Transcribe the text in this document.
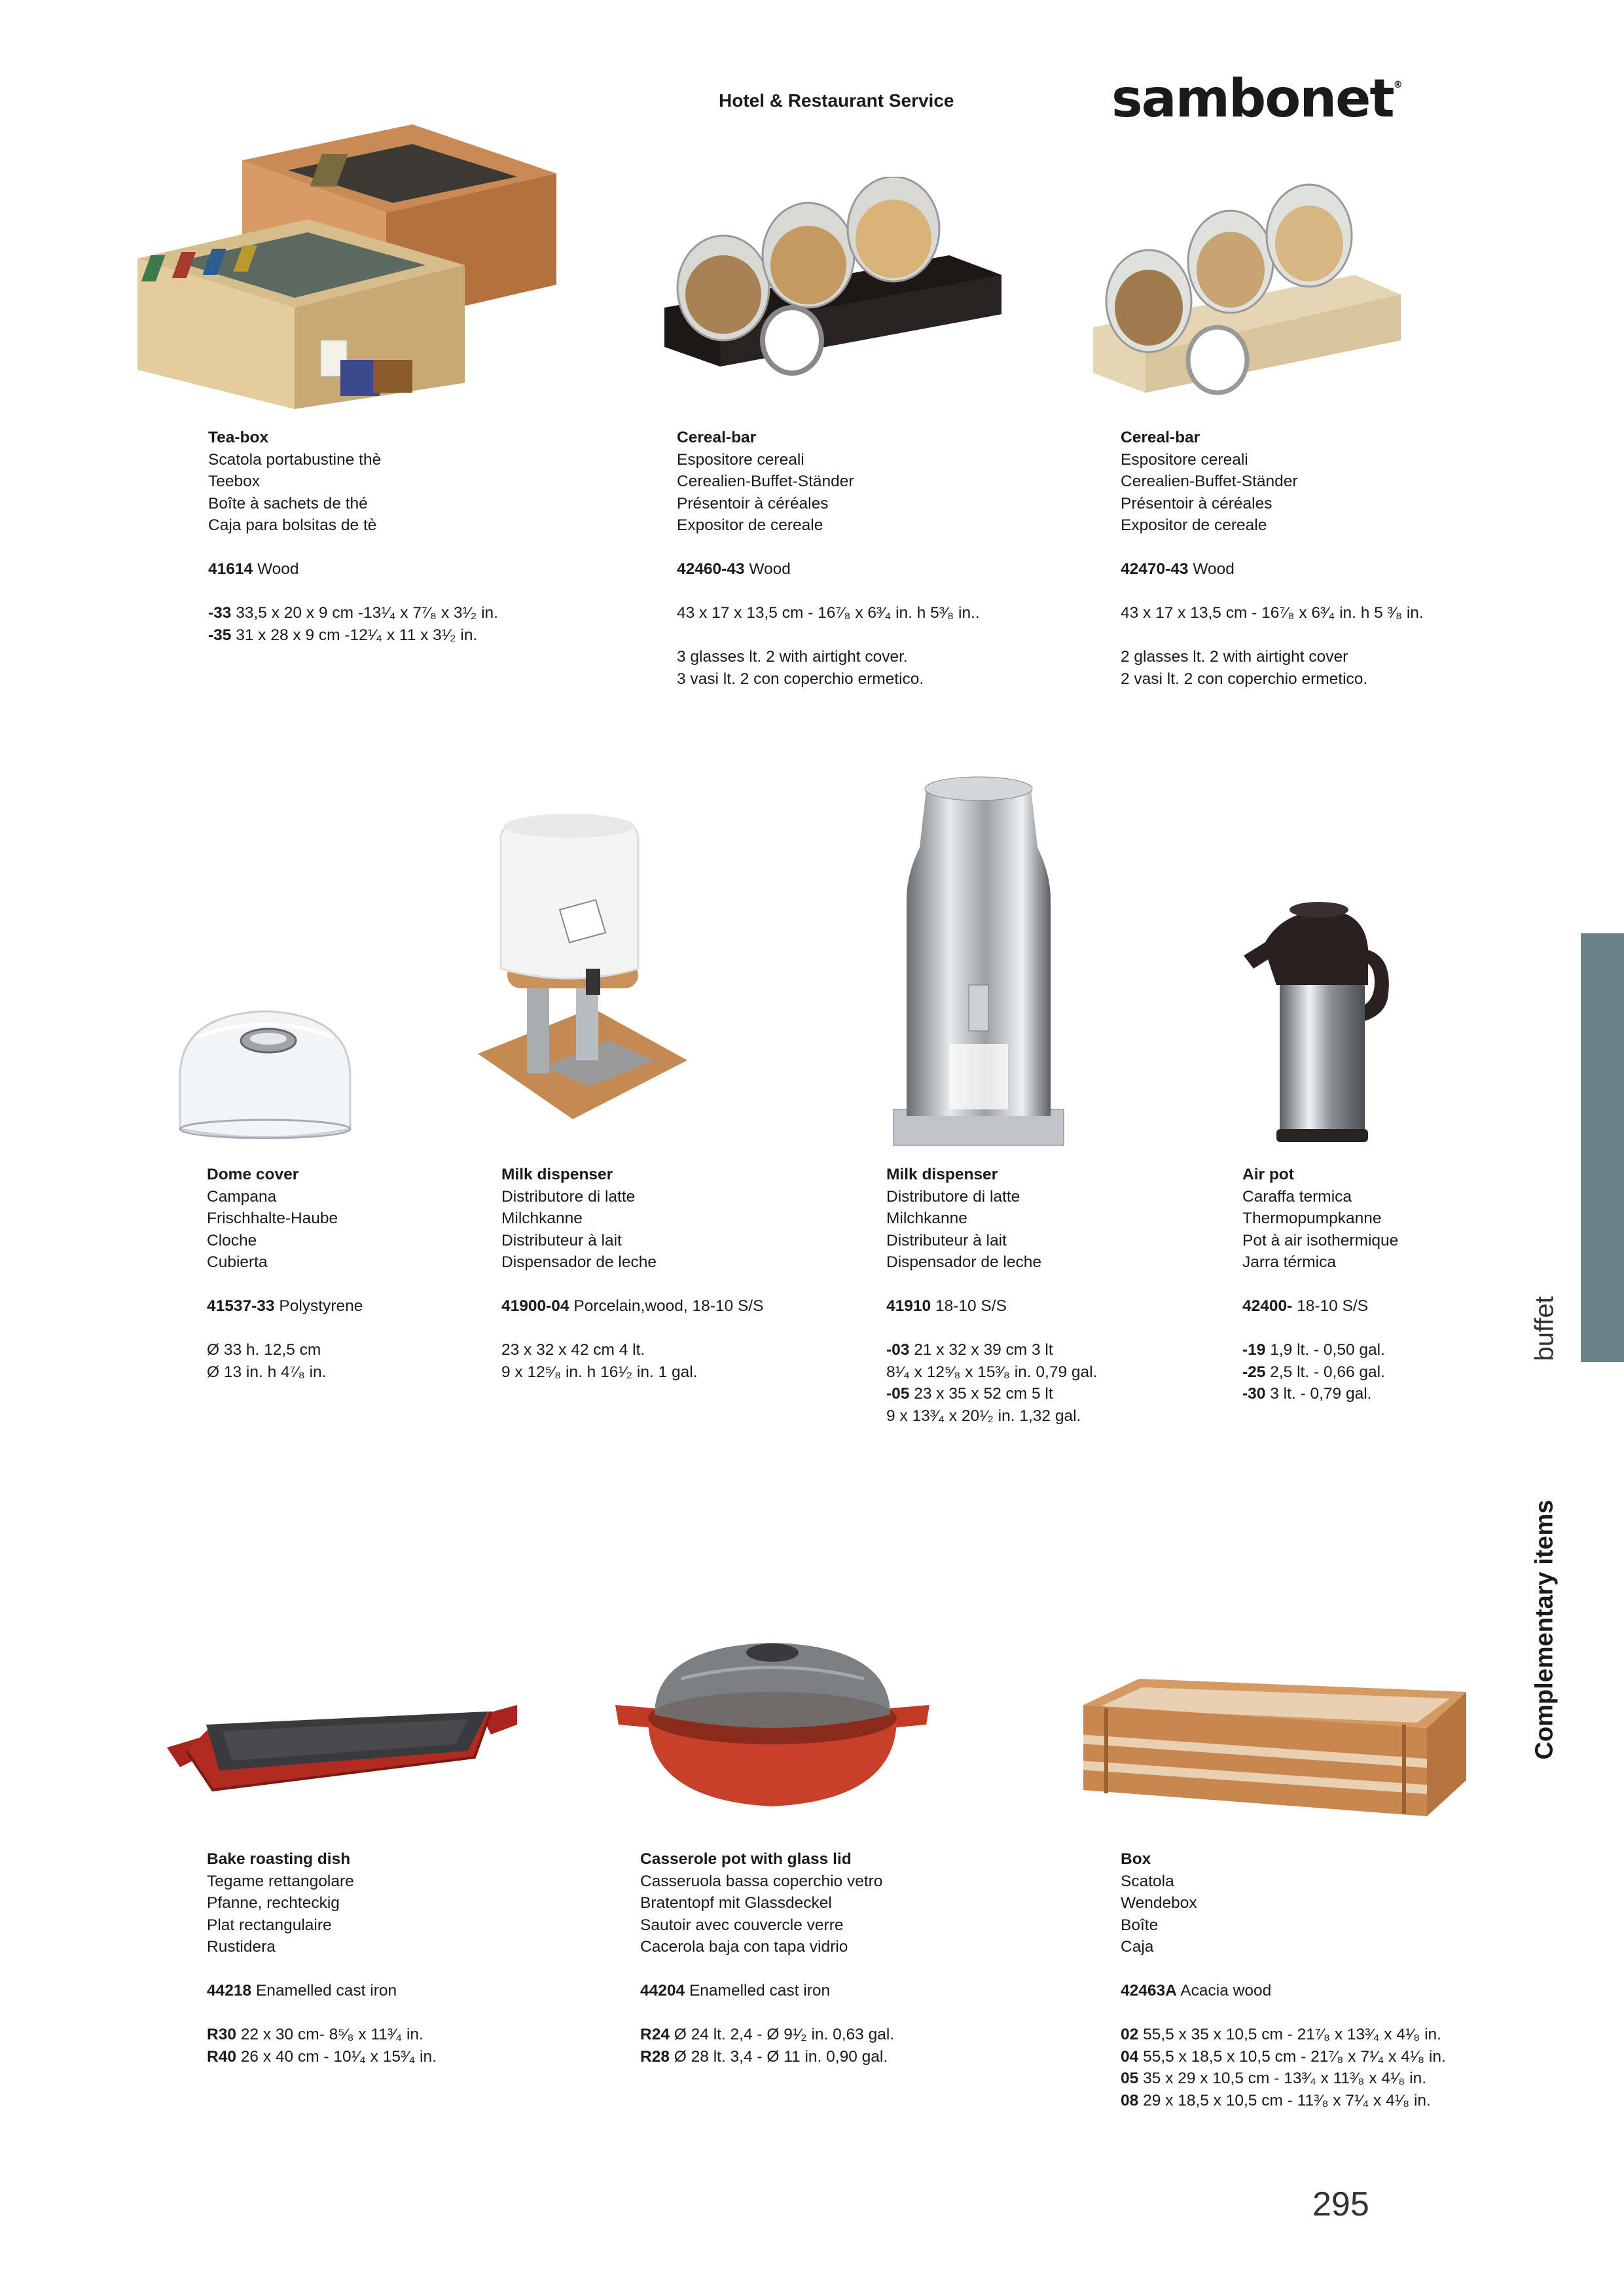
Hotel & Restaurant Service	sambonet®
buffet
Complementary items
Tea-box
Scatola portabustine thè
Teebox
Boîte à sachets de thé
Caja para bolsitas de tè
41614 Wood
-33 33,5 x 20 x 9 cm -13¹⁄₄ x 7⁷⁄₈ x 3¹⁄₂ in.
-35 31 x 28 x 9 cm -12¹⁄₄ x 11 x 3¹⁄₂ in.
Cereal-bar
Espositore cereali
Cerealien-Buffet-Ständer
Présentoir à céréales
Expositor de cereale
42460-43 Wood
43 x 17 x 13,5 cm - 16⁷⁄₈ x 6³⁄₄ in. h 5³⁄₈ in..
3 glasses lt. 2 with airtight cover.
3 vasi lt. 2 con coperchio ermetico.
Cereal-bar
Espositore cereali
Cerealien-Buffet-Ständer
Présentoir à céréales
Expositor de cereale
42470-43 Wood
43 x 17 x 13,5 cm - 16⁷⁄₈ x 6³⁄₄ in. h 5 ³⁄₈ in.
2 glasses lt. 2 with airtight cover
2 vasi lt. 2 con coperchio ermetico.
Dome cover
Campana
Frischhalte-Haube
Cloche
Cubierta
41537-33 Polystyrene
Ø 33 h. 12,5 cm
Ø 13 in. h 4⁷⁄₈ in.
Milk dispenser
Distributore di latte
Milchkanne
Distributeur à lait
Dispensador de leche
41900-04 Porcelain,wood, 18-10 S/S
23 x 32 x 42 cm 4 lt.
9 x 12⁵⁄₈ in. h 16¹⁄₂ in. 1 gal.
Milk dispenser
Distributore di latte
Milchkanne
Distributeur à lait
Dispensador de leche
41910 18-10 S/S
-03 21 x 32 x 39 cm 3 lt
8¹⁄₄ x 12⁵⁄₈ x 15³⁄₈ in. 0,79 gal.
-05 23 x 35 x 52 cm 5 lt
9 x 13³⁄₄ x 20¹⁄₂ in. 1,32 gal.
Air pot
Caraffa termica
Thermopumpkanne
Pot à air isothermique
Jarra térmica
42400- 18-10 S/S
-19 1,9 lt. - 0,50 gal.
-25 2,5 lt. - 0,66 gal.
-30 3 lt. - 0,79 gal.
Bake roasting dish
Tegame rettangolare
Pfanne, rechteckig
Plat rectangulaire
Rustidera
44218 Enamelled cast iron
R30 22 x 30 cm- 8⁵⁄₈ x 11³⁄₄ in.
R40 26 x 40 cm - 10¹⁄₄ x 15³⁄₄ in.
Casserole pot with glass lid
Casseruola bassa coperchio vetro
Bratentopf mit Glassdeckel
Sautoir avec couvercle verre
Cacerola baja con tapa vidrio
44204 Enamelled cast iron
R24 Ø 24 lt. 2,4 - Ø 9¹⁄₂ in. 0,63 gal.
R28 Ø 28 lt. 3,4 - Ø 11 in. 0,90 gal.
Box
Scatola
Wendebox
Boîte
Caja
42463A Acacia wood
02 55,5 x 35 x 10,5 cm - 21⁷⁄₈ x 13³⁄₄ x 4¹⁄₈ in.
04 55,5 x 18,5 x 10,5 cm - 21⁷⁄₈ x 7¹⁄₄ x 4¹⁄₈ in.
05 35 x 29 x 10,5 cm - 13³⁄₄ x 11³⁄₈ x 4¹⁄₈ in.
08 29 x 18,5 x 10,5 cm - 11³⁄₈ x 7¹⁄₄ x 4¹⁄₈ in.
295
